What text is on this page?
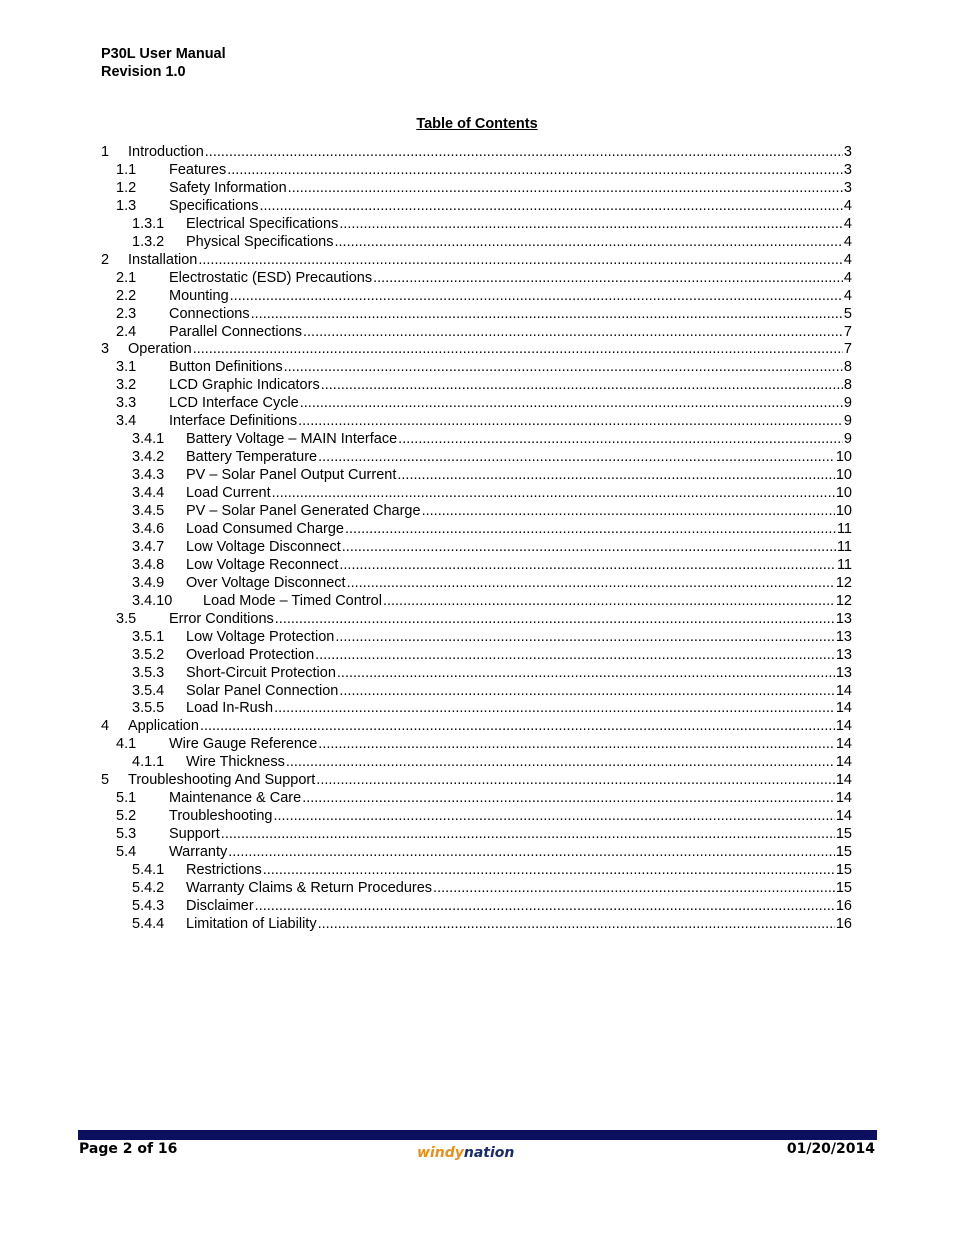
P30L User Manual
Revision 1.0
Table of Contents
1	Introduction .....	3
1.1	Features .....	3
1.2	Safety Information .....	3
1.3	Specifications .....	4
1.3.1	Electrical Specifications .....	4
1.3.2	Physical Specifications .....	4
2	Installation .....	4
2.1	Electrostatic (ESD) Precautions .....	4
2.2	Mounting .....	4
2.3	Connections .....	5
2.4	Parallel Connections .....	7
3	Operation .....	7
3.1	Button Definitions .....	8
3.2	LCD Graphic Indicators .....	8
3.3	LCD Interface Cycle .....	9
3.4	Interface Definitions .....	9
3.4.1	Battery Voltage – MAIN Interface .....	9
3.4.2	Battery Temperature .....	10
3.4.3	PV – Solar Panel Output Current .....	10
3.4.4	Load Current .....	10
3.4.5	PV – Solar Panel Generated Charge .....	10
3.4.6	Load Consumed Charge .....	11
3.4.7	Low Voltage Disconnect .....	11
3.4.8	Low Voltage Reconnect .....	11
3.4.9	Over Voltage Disconnect .....	12
3.4.10	Load Mode – Timed Control .....	12
3.5	Error Conditions .....	13
3.5.1	Low Voltage Protection .....	13
3.5.2	Overload Protection .....	13
3.5.3	Short-Circuit Protection .....	13
3.5.4	Solar Panel Connection .....	14
3.5.5	Load In-Rush .....	14
4	Application .....	14
4.1	Wire Gauge Reference .....	14
4.1.1	Wire Thickness .....	14
5	Troubleshooting And Support .....	14
5.1	Maintenance & Care .....	14
5.2	Troubleshooting .....	14
5.3	Support .....	15
5.4	Warranty .....	15
5.4.1	Restrictions .....	15
5.4.2	Warranty Claims & Return Procedures .....	15
5.4.3	Disclaimer .....	16
5.4.4	Limitation of Liability .....	16
Page 2 of 16	windynation	01/20/2014
